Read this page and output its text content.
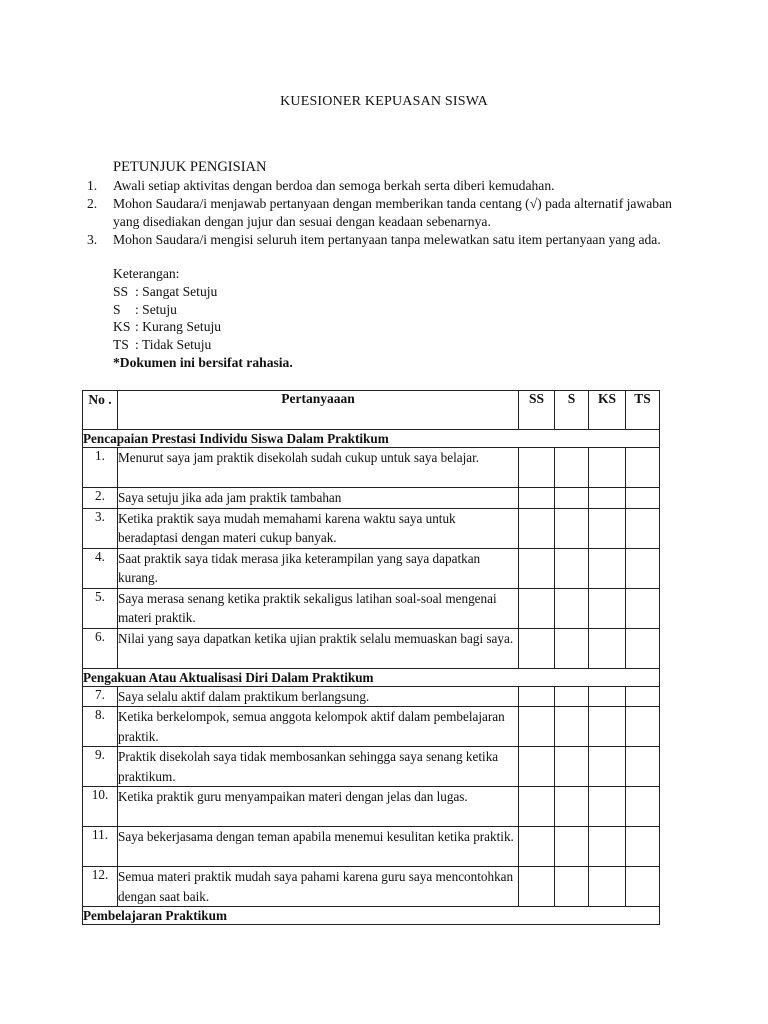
KUESIONER KEPUASAN SISWA
PETUNJUK PENGISIAN
1.	Awali setiap aktivitas dengan berdoa dan semoga berkah serta diberi kemudahan.
2.	Mohon Saudara/i menjawab pertanyaan dengan memberikan tanda centang (√) pada alternatif jawaban yang disediakan dengan jujur dan sesuai dengan keadaan sebenarnya.
3.	Mohon Saudara/i mengisi seluruh item pertanyaan tanpa melewatkan satu item pertanyaan yang ada.
Keterangan:
SS : Sangat Setuju
S	: Setuju
KS : Kurang Setuju
TS : Tidak Setuju
*Dokumen ini bersifat rahasia.
No .	Pertanyaaan	SS	S	KS	TS
Pencapaian Prestasi Individu Siswa Dalam Praktikum					
1.	Menurut saya jam praktik disekolah sudah cukup untuk saya belajar.				
2.	Saya setuju jika ada jam praktik tambahan				
3.	Ketika praktik saya mudah memahami karena waktu saya untuk beradaptasi dengan materi cukup banyak.				
4.	Saat praktik saya tidak merasa jika keterampilan yang saya dapatkan kurang.				
5.	Saya merasa senang ketika praktik sekaligus latihan soal-soal mengenai materi praktik.				
6.	Nilai yang saya dapatkan ketika ujian praktik selalu memuaskan bagi saya.				
Pengakuan Atau Aktualisasi Diri Dalam Praktikum					
7.	Saya selalu aktif dalam praktikum berlangsung.				
8.	Ketika berkelompok, semua anggota kelompok aktif dalam pembelajaran praktik.				
9.	Praktik disekolah saya tidak membosankan sehingga saya senang ketika praktikum.				
10.	Ketika praktik guru menyampaikan materi dengan jelas dan lugas.				
11.	Saya bekerjasama dengan teman apabila menemui kesulitan ketika praktik.				
12.	Semua materi praktik mudah saya pahami karena guru saya mencontohkan dengan saat baik.				
Pembelajaran Praktikum					
